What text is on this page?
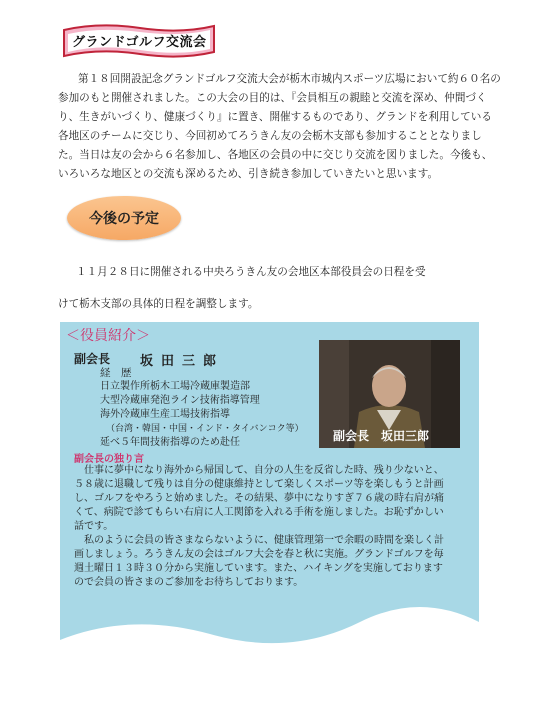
グランドゴルフ交流会

第１８回開設記念グランドゴルフ交流大会が栃木市城内スポーツ広場において約６０名の参加のもと開催されました。この大会の目的は、『会員相互の親睦と交流を深め、仲間づくり、生きがいづくり、健康づくり』に置き、開催するものであり、グランドを利用している各地区のチームに交じり、今回初めてろうきん友の会栃木支部も参加することとなりました。当日は友の会から６名参加し、各地区の会員の中に交じり交流を図りました。今後も、いろいろな地区との交流も深めるため、引き続き参加していきたいと思います。

今後の予定
１１月２８日に開催される中央ろうきん友の会地区本部役員会の日程を受
けて栃木支部の具体的日程を調整します。
＜役員紹介＞
副会長 坂田三郎
経　歴
日立製作所栃木工場冷蔵庫製造部
大型冷蔵庫発泡ライン技術指導管理
海外冷蔵庫生産工場技術指導
（台湾・韓国・中国・インド・タイバンコク等）
延べ５年間技術指導のため赴任	副会長　坂田三郎
副会長の独り言

仕事に夢中になり海外から帰国して、自分の人生を反省した時、残り少ないと、５８歳に退職して残りは自分の健康維持として楽しくスポーツ等を楽しもうと計画し、ゴルフをやろうと始めました。その結果、夢中になりすぎ７６歳の時右肩が痛くて、病院で診てもらい右肩に人工関節を入れる手術を施しました。お恥ずかしい話です。

私のように会員の皆さまならないように、健康管理第一で余暇の時間を楽しく計画しましょう。ろうきん友の会はゴルフ大会を春と秋に実施。グランドゴルフを毎週土曜日１３時３０分から実施しています。また、ハイキングを実施しておりますので会員の皆さまのご参加をお待ちしております。
